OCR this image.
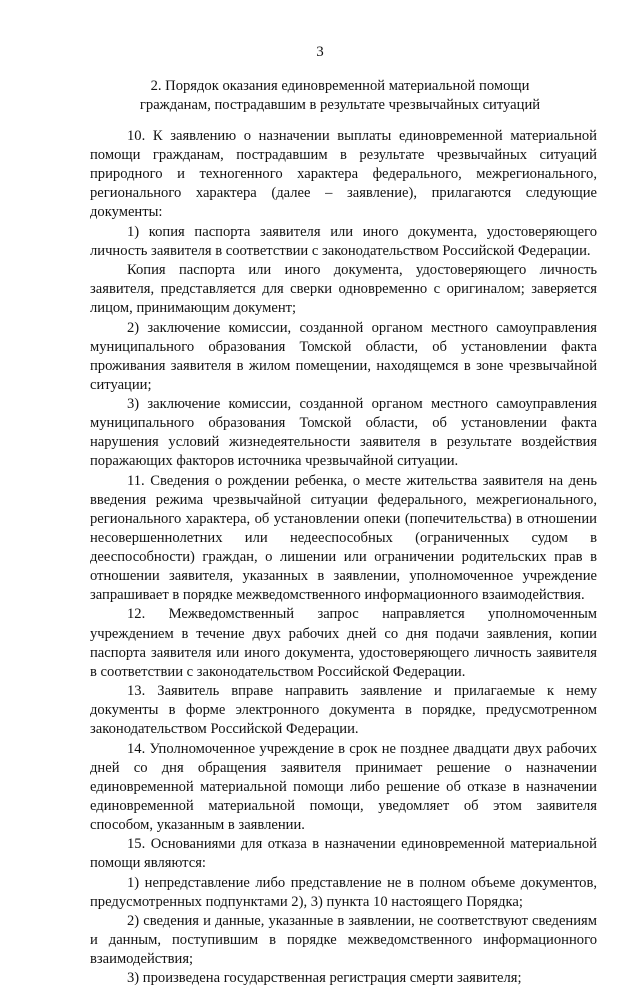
3
2. Порядок оказания единовременной материальной помощи
гражданам, пострадавшим в результате чрезвычайных ситуаций

10. К заявлению о назначении выплаты единовременной материальной помощи гражданам, пострадавшим в результате чрезвычайных ситуаций природного и техногенного характера федерального, межрегионального, регионального характера (далее – заявление), прилагаются следующие документы:

1) копия паспорта заявителя или иного документа, удостоверяющего личность заявителя в соответствии с законодательством Российской Федерации.

Копия паспорта или иного документа, удостоверяющего личность заявителя, представляется для сверки одновременно с оригиналом; заверяется лицом, принимающим документ;

2) заключение комиссии, созданной органом местного самоуправления муниципального образования Томской области, об установлении факта проживания заявителя в жилом помещении, находящемся в зоне чрезвычайной ситуации;

3) заключение комиссии, созданной органом местного самоуправления муниципального образования Томской области, об установлении факта нарушения условий жизнедеятельности заявителя в результате воздействия поражающих факторов источника чрезвычайной ситуации.

11. Сведения о рождении ребенка, о месте жительства заявителя на день введения режима чрезвычайной ситуации федерального, межрегионального, регионального характера, об установлении опеки (попечительства) в отношении несовершеннолетних или недееспособных (ограниченных судом в дееспособности) граждан, о лишении или ограничении родительских прав в отношении заявителя, указанных в заявлении, уполномоченное учреждение запрашивает в порядке межведомственного информационного взаимодействия.

12. Межведомственный запрос направляется уполномоченным учреждением в течение двух рабочих дней со дня подачи заявления, копии паспорта заявителя или иного документа, удостоверяющего личность заявителя в соответствии с законодательством Российской Федерации.

13. Заявитель вправе направить заявление и прилагаемые к нему документы в форме электронного документа в порядке, предусмотренном законодательством Российской Федерации.

14. Уполномоченное учреждение в срок не позднее двадцати двух рабочих дней со дня обращения заявителя принимает решение о назначении единовременной материальной помощи либо решение об отказе в назначении единовременной материальной помощи, уведомляет об этом заявителя способом, указанным в заявлении.

15. Основаниями для отказа в назначении единовременной материальной помощи являются:

1) непредставление либо представление не в полном объеме документов, предусмотренных подпунктами 2), 3) пункта 10 настоящего Порядка;

2) сведения и данные, указанные в заявлении, не соответствуют сведениям и данным, поступившим в порядке межведомственного информационного взаимодействия;

3) произведена государственная регистрация смерти заявителя;
